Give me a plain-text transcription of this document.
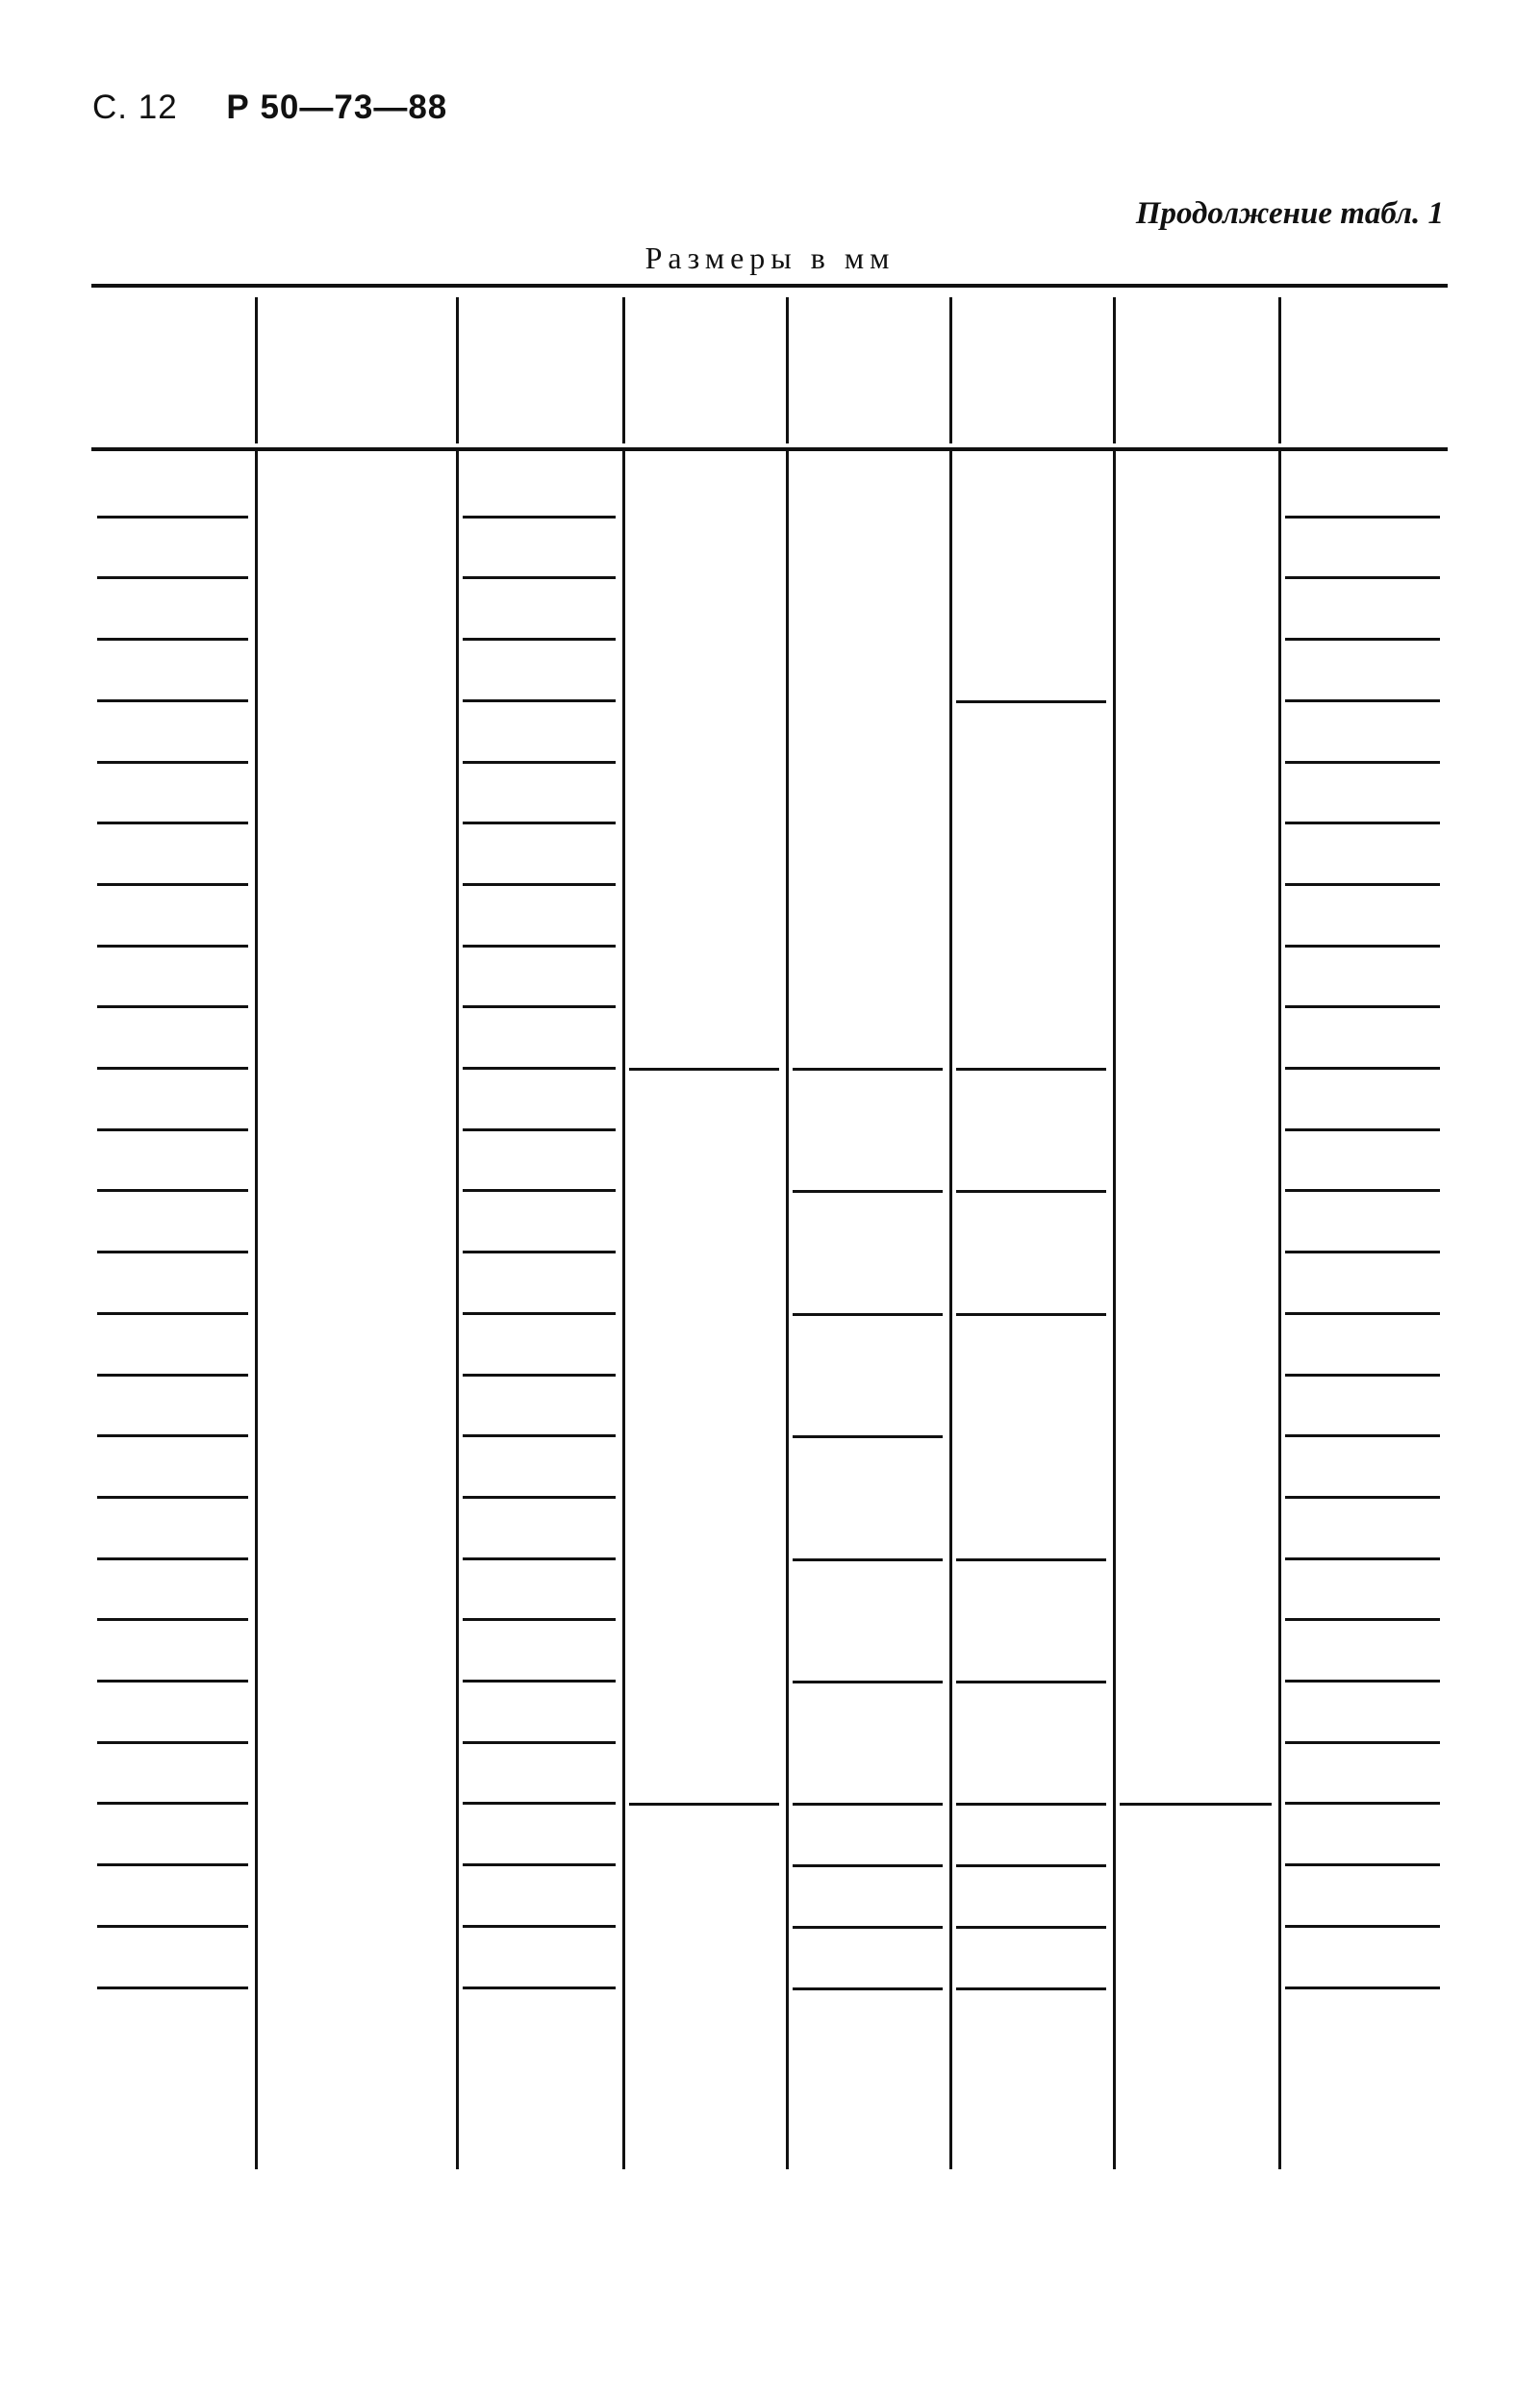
С. 12 Р 50—73—88
Продолжение табл. 1
Размеры в мм
